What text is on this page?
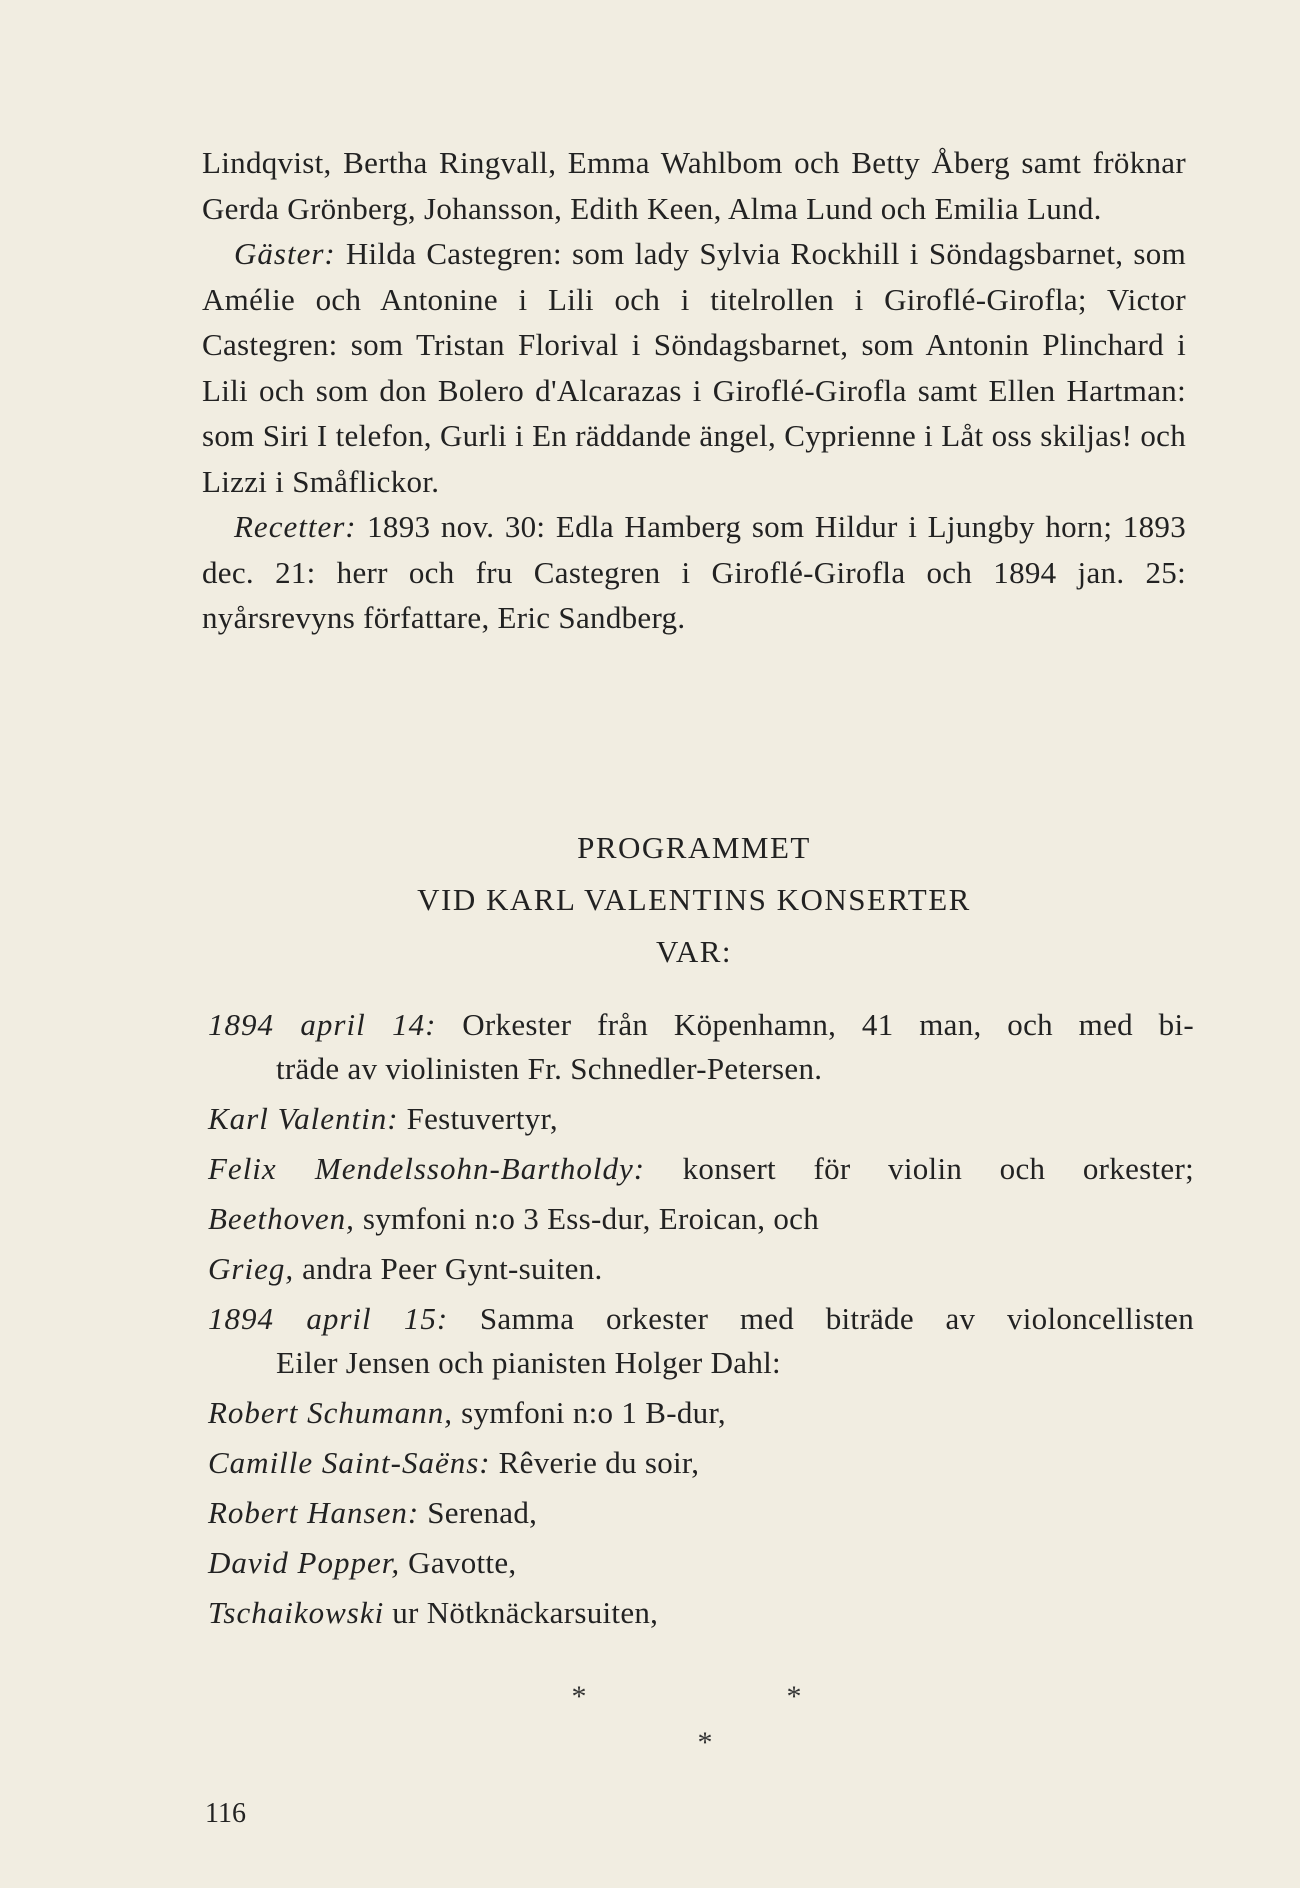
Lindqvist, Bertha Ringvall, Emma Wahlbom och Betty Åberg samt fröknar Gerda Grönberg, Johansson, Edith Keen, Alma Lund och Emilia Lund.

Gäster: Hilda Castegren: som lady Sylvia Rockhill i Söndagsbarnet, som Amélie och Antonine i Lili och i titelrollen i Giroflé-Girofla; Victor Castegren: som Tristan Florival i Söndagsbarnet, som Antonin Plinchard i Lili och som don Bolero d'Alcarazas i Giroflé-Girofla samt Ellen Hartman: som Siri I telefon, Gurli i En räddande ängel, Cyprienne i Låt oss skiljas! och Lizzi i Småflickor.

Recetter: 1893 nov. 30: Edla Hamberg som Hildur i Ljungby horn; 1893 dec. 21: herr och fru Castegren i Giroflé-Girofla och 1894 jan. 25: nyårsrevyns författare, Eric Sandberg.

PROGRAMMET
VID KARL VALENTINS KONSERTER
VAR:

1894 april 14: Orkester från Köpenhamn, 41 man, och med bi-

träde av violinisten Fr. Schnedler-Petersen.

Karl Valentin: Festuvertyr,

Felix Mendelssohn-Bartholdy: konsert för violin och orkester;

Beethoven, symfoni n:o 3 Ess-dur, Eroican, och

Grieg, andra Peer Gynt-suiten.

1894 april 15: Samma orkester med biträde av violoncellisten

Eiler Jensen och pianisten Holger Dahl:

Robert Schumann, symfoni n:o 1 B-dur,

Camille Saint-Saëns: Rêverie du soir,

Robert Hansen: Serenad,

David Popper, Gavotte,

Tschaikowski ur Nötknäckarsuiten,

*	*
*
116
